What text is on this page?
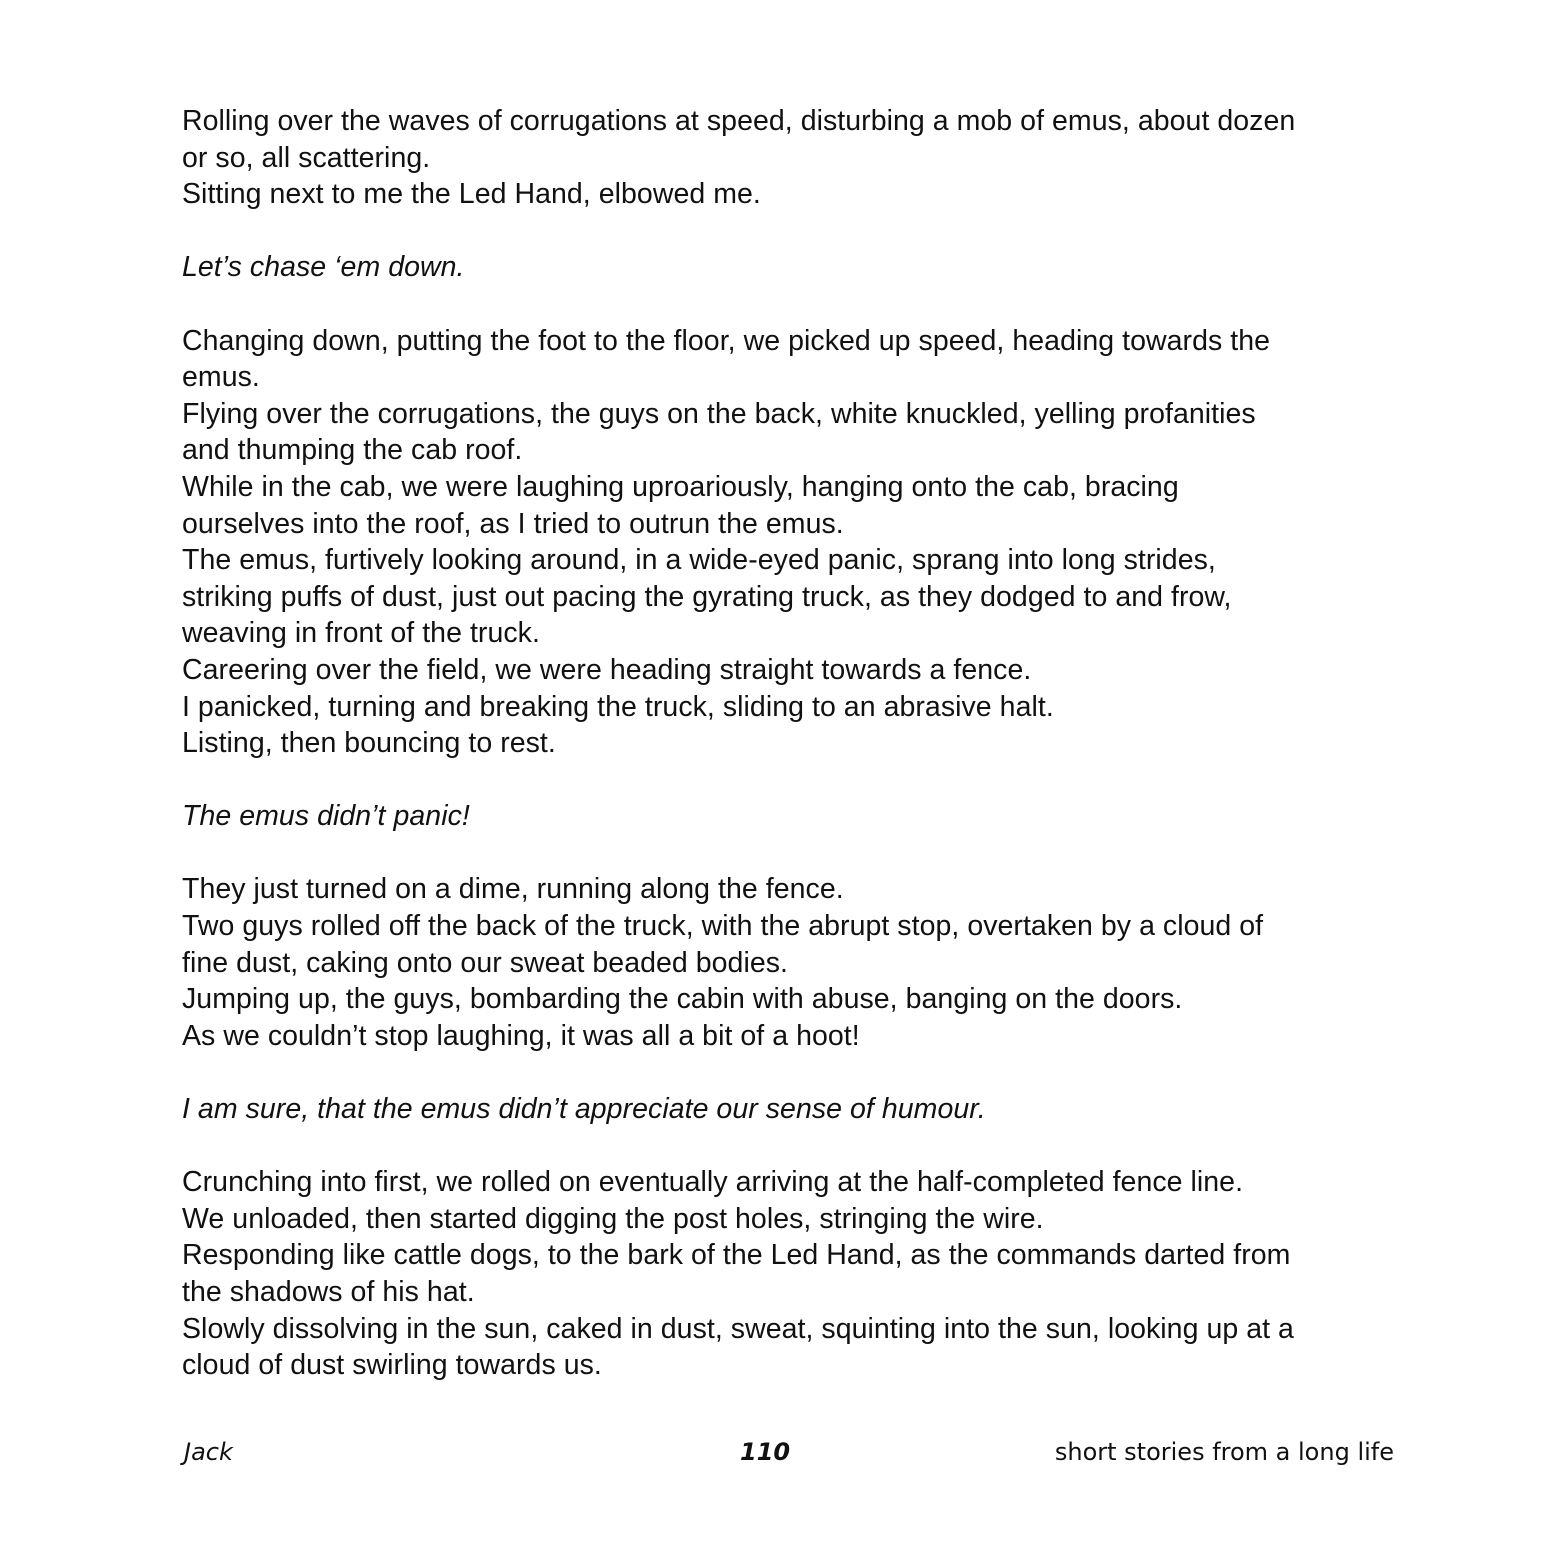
Rolling over the waves of corrugations at speed, disturbing a mob of emus, about dozen
or so, all scattering.
Sitting next to me the Led Hand, elbowed me.
Let’s chase ‘em down.
Changing down, putting the foot to the floor, we picked up speed, heading towards the
emus.
Flying over the corrugations, the guys on the back, white knuckled, yelling profanities
and thumping the cab roof.
While in the cab, we were laughing uproariously, hanging onto the cab, bracing
ourselves into the roof, as I tried to outrun the emus.
The emus, furtively looking around, in a wide-eyed panic, sprang into long strides,
striking puffs of dust, just out pacing the gyrating truck, as they dodged to and frow,
weaving in front of the truck.
Careering over the field, we were heading straight towards a fence.
I panicked, turning and breaking the truck, sliding to an abrasive halt.
Listing, then bouncing to rest.
The emus didn’t panic!
They just turned on a dime, running along the fence.
Two guys rolled off the back of the truck, with the abrupt stop, overtaken by a cloud of
fine dust, caking onto our sweat beaded bodies.
Jumping up, the guys, bombarding the cabin with abuse, banging on the doors.
As we couldn’t stop laughing, it was all a bit of a hoot!
I am sure, that the emus didn’t appreciate our sense of humour.
Crunching into first, we rolled on eventually arriving at the half-completed fence line.
We unloaded, then started digging the post holes, stringing the wire.
Responding like cattle dogs, to the bark of the Led Hand, as the commands darted from
the shadows of his hat.
Slowly dissolving in the sun, caked in dust, sweat, squinting into the sun, looking up at a
cloud of dust swirling towards us.
Jack	110	short stories from a long life
